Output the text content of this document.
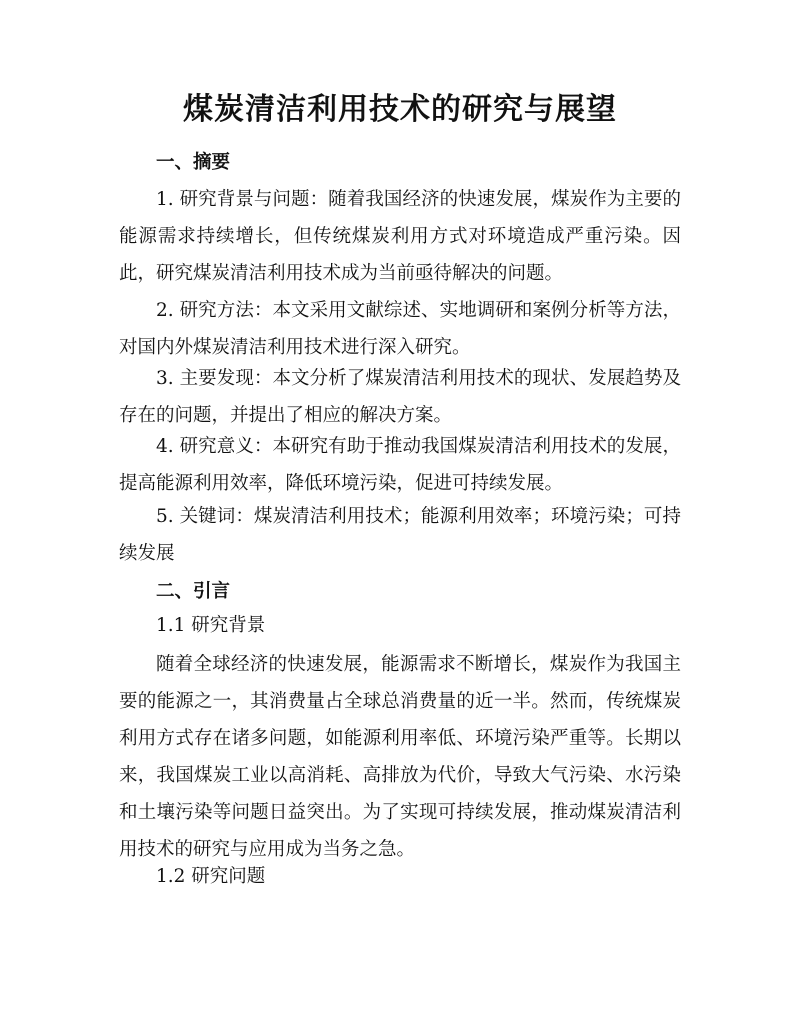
煤炭清洁利用技术的研究与展望

一、摘要

1. 研究背景与问题：随着我国经济的快速发展，煤炭作为主要的能源需求持续增长，但传统煤炭利用方式对环境造成严重污染。因此，研究煤炭清洁利用技术成为当前亟待解决的问题。

2. 研究方法：本文采用文献综述、实地调研和案例分析等方法，对国内外煤炭清洁利用技术进行深入研究。

3. 主要发现：本文分析了煤炭清洁利用技术的现状、发展趋势及存在的问题，并提出了相应的解决方案。

4. 研究意义：本研究有助于推动我国煤炭清洁利用技术的发展，提高能源利用效率，降低环境污染，促进可持续发展。

5. 关键词：煤炭清洁利用技术；能源利用效率；环境污染；可持续发展

二、引言

1.1 研究背景

随着全球经济的快速发展，能源需求不断增长，煤炭作为我国主要的能源之一，其消费量占全球总消费量的近一半。然而，传统煤炭利用方式存在诸多问题，如能源利用率低、环境污染严重等。长期以来，我国煤炭工业以高消耗、高排放为代价，导致大气污染、水污染和土壤污染等问题日益突出。为了实现可持续发展，推动煤炭清洁利用技术的研究与应用成为当务之急。

1.2 研究问题
